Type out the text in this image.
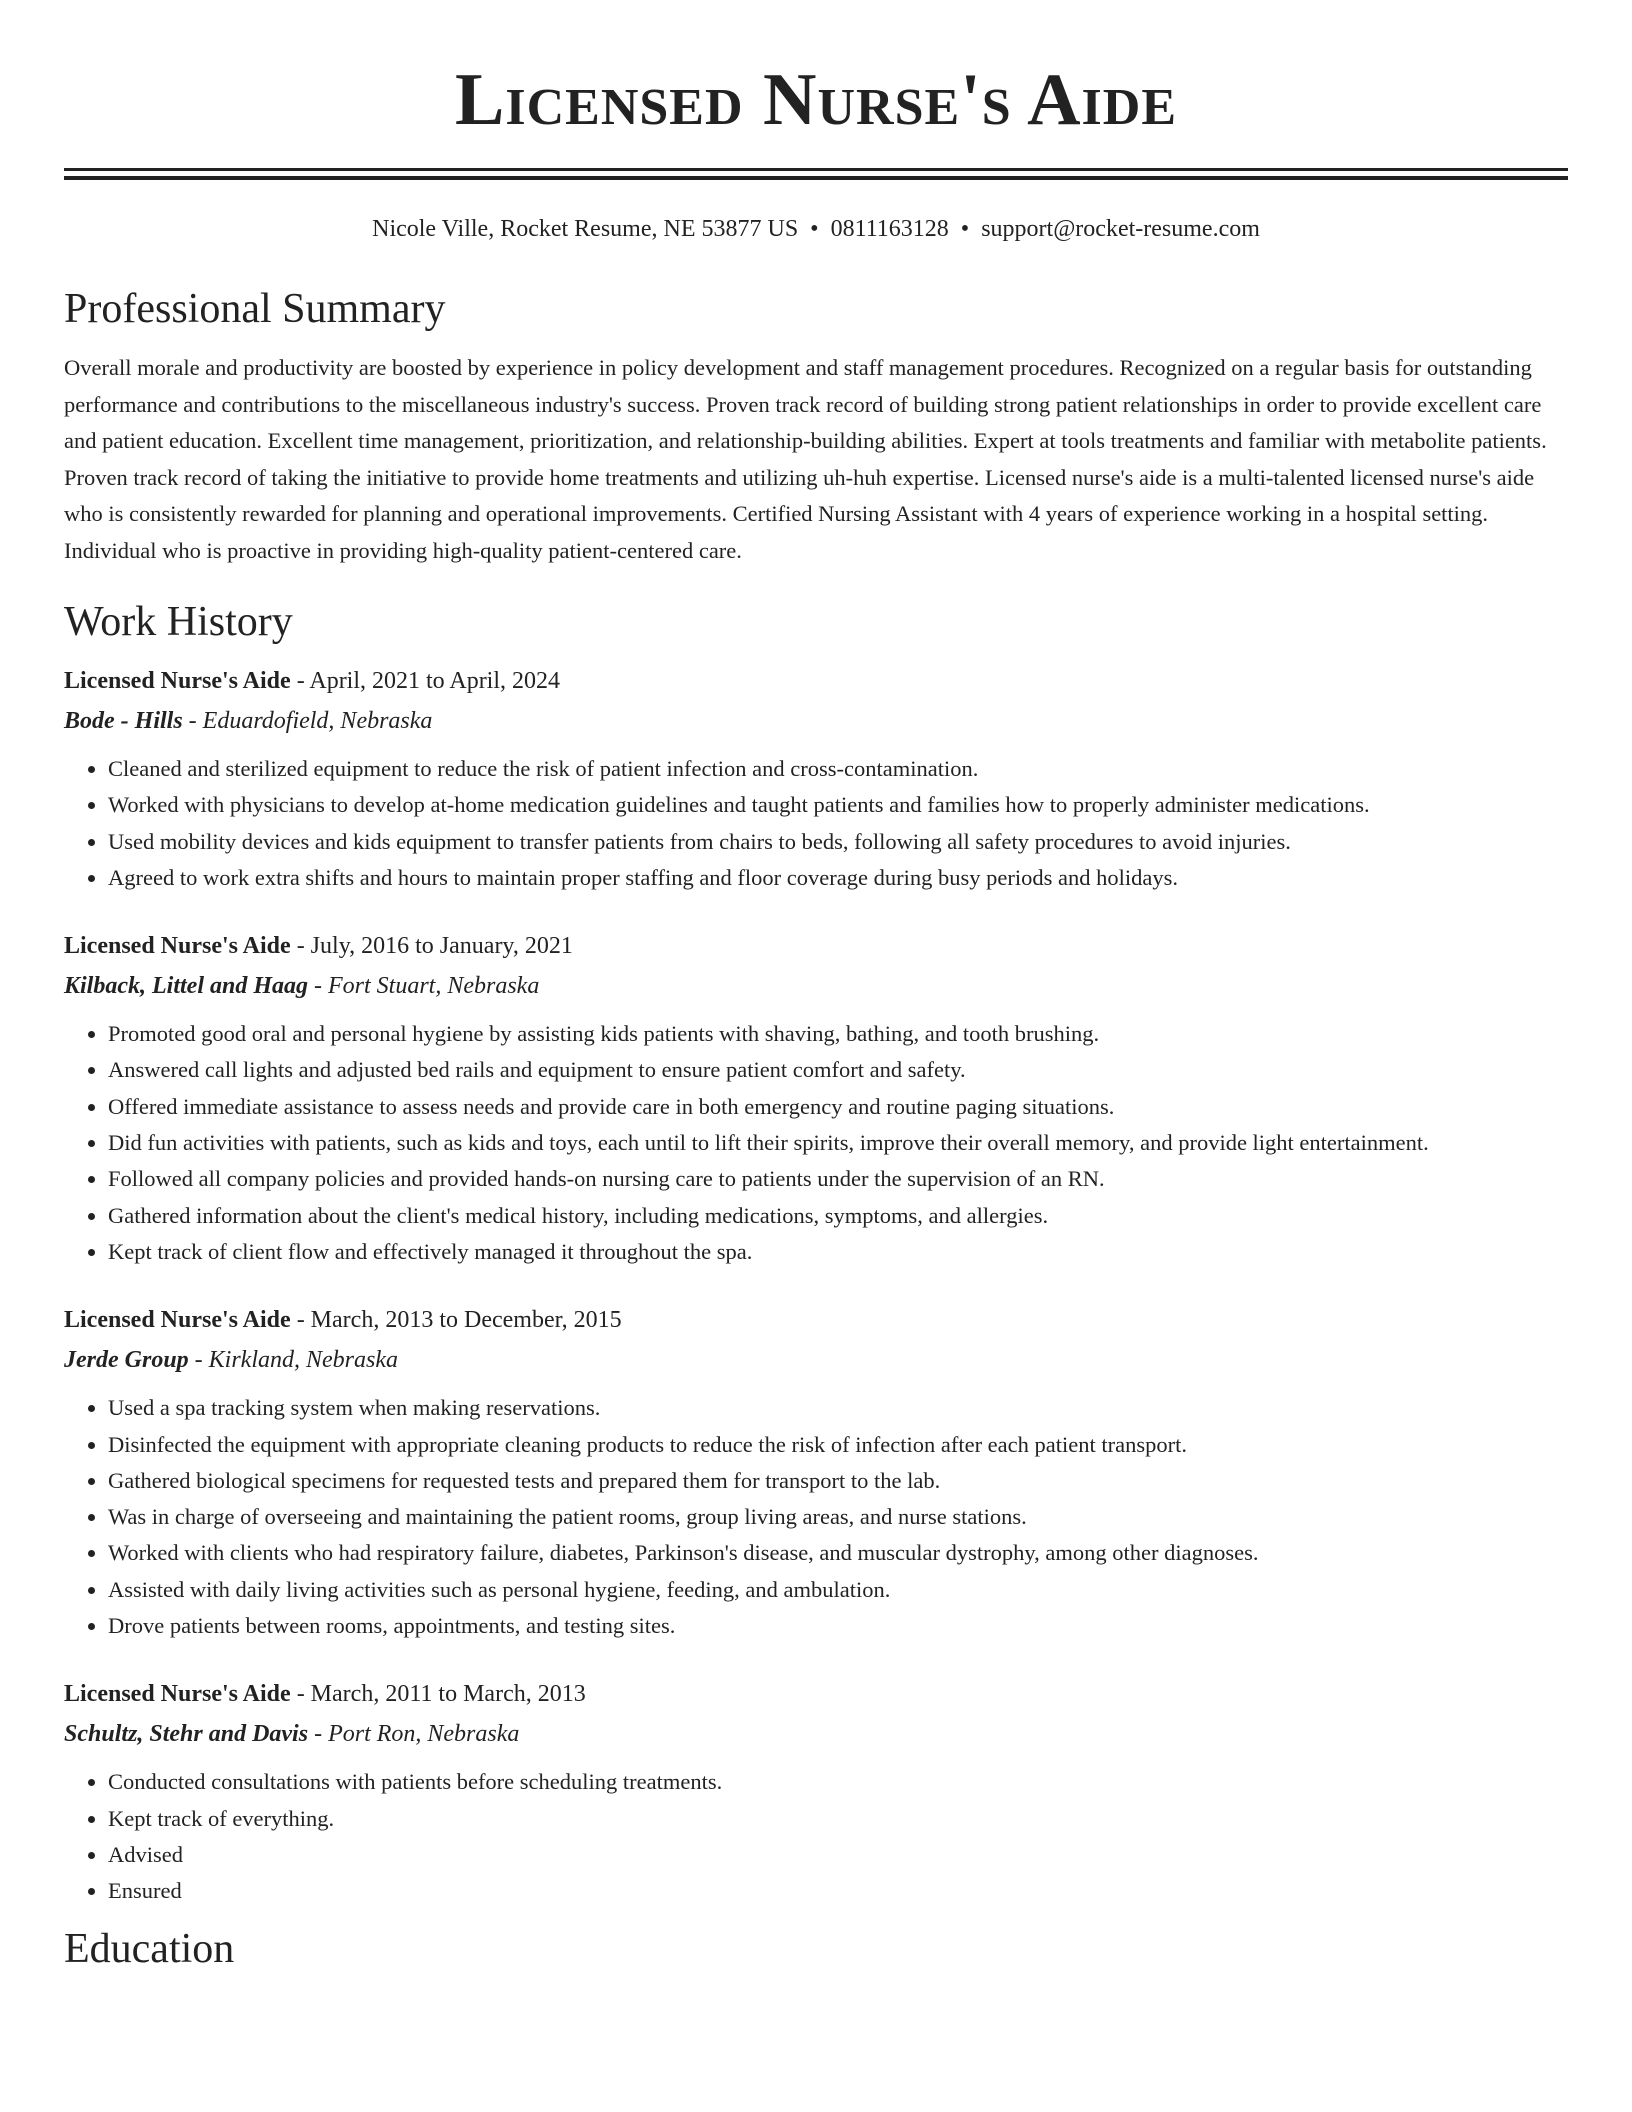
Licensed Nurse's Aide
Nicole Ville, Rocket Resume, NE 53877 US • 0811163128 • support@rocket-resume.com
Professional Summary
Overall morale and productivity are boosted by experience in policy development and staff management procedures. Recognized on a regular basis for outstanding performance and contributions to the miscellaneous industry's success. Proven track record of building strong patient relationships in order to provide excellent care and patient education. Excellent time management, prioritization, and relationship-building abilities. Expert at tools treatments and familiar with metabolite patients. Proven track record of taking the initiative to provide home treatments and utilizing uh-huh expertise. Licensed nurse's aide is a multi-talented licensed nurse's aide who is consistently rewarded for planning and operational improvements. Certified Nursing Assistant with 4 years of experience working in a hospital setting. Individual who is proactive in providing high-quality patient-centered care.
Work History
Licensed Nurse's Aide - April, 2021 to April, 2024
Bode - Hills - Eduardofield, Nebraska
• Cleaned and sterilized equipment to reduce the risk of patient infection and cross-contamination.
• Worked with physicians to develop at-home medication guidelines and taught patients and families how to properly administer medications.
• Used mobility devices and kids equipment to transfer patients from chairs to beds, following all safety procedures to avoid injuries.
• Agreed to work extra shifts and hours to maintain proper staffing and floor coverage during busy periods and holidays.
Licensed Nurse's Aide - July, 2016 to January, 2021
Kilback, Littel and Haag - Fort Stuart, Nebraska
• Promoted good oral and personal hygiene by assisting kids patients with shaving, bathing, and tooth brushing.
• Answered call lights and adjusted bed rails and equipment to ensure patient comfort and safety.
• Offered immediate assistance to assess needs and provide care in both emergency and routine paging situations.
• Did fun activities with patients, such as kids and toys, each until to lift their spirits, improve their overall memory, and provide light entertainment.
• Followed all company policies and provided hands-on nursing care to patients under the supervision of an RN.
• Gathered information about the client's medical history, including medications, symptoms, and allergies.
• Kept track of client flow and effectively managed it throughout the spa.
Licensed Nurse's Aide - March, 2013 to December, 2015
Jerde Group - Kirkland, Nebraska
• Used a spa tracking system when making reservations.
• Disinfected the equipment with appropriate cleaning products to reduce the risk of infection after each patient transport.
• Gathered biological specimens for requested tests and prepared them for transport to the lab.
• Was in charge of overseeing and maintaining the patient rooms, group living areas, and nurse stations.
• Worked with clients who had respiratory failure, diabetes, Parkinson's disease, and muscular dystrophy, among other diagnoses.
• Assisted with daily living activities such as personal hygiene, feeding, and ambulation.
• Drove patients between rooms, appointments, and testing sites.
Licensed Nurse's Aide - March, 2011 to March, 2013
Schultz, Stehr and Davis - Port Ron, Nebraska
• Conducted consultations with patients before scheduling treatments.
• Kept track of everything.
• Advised
• Ensured
Education
